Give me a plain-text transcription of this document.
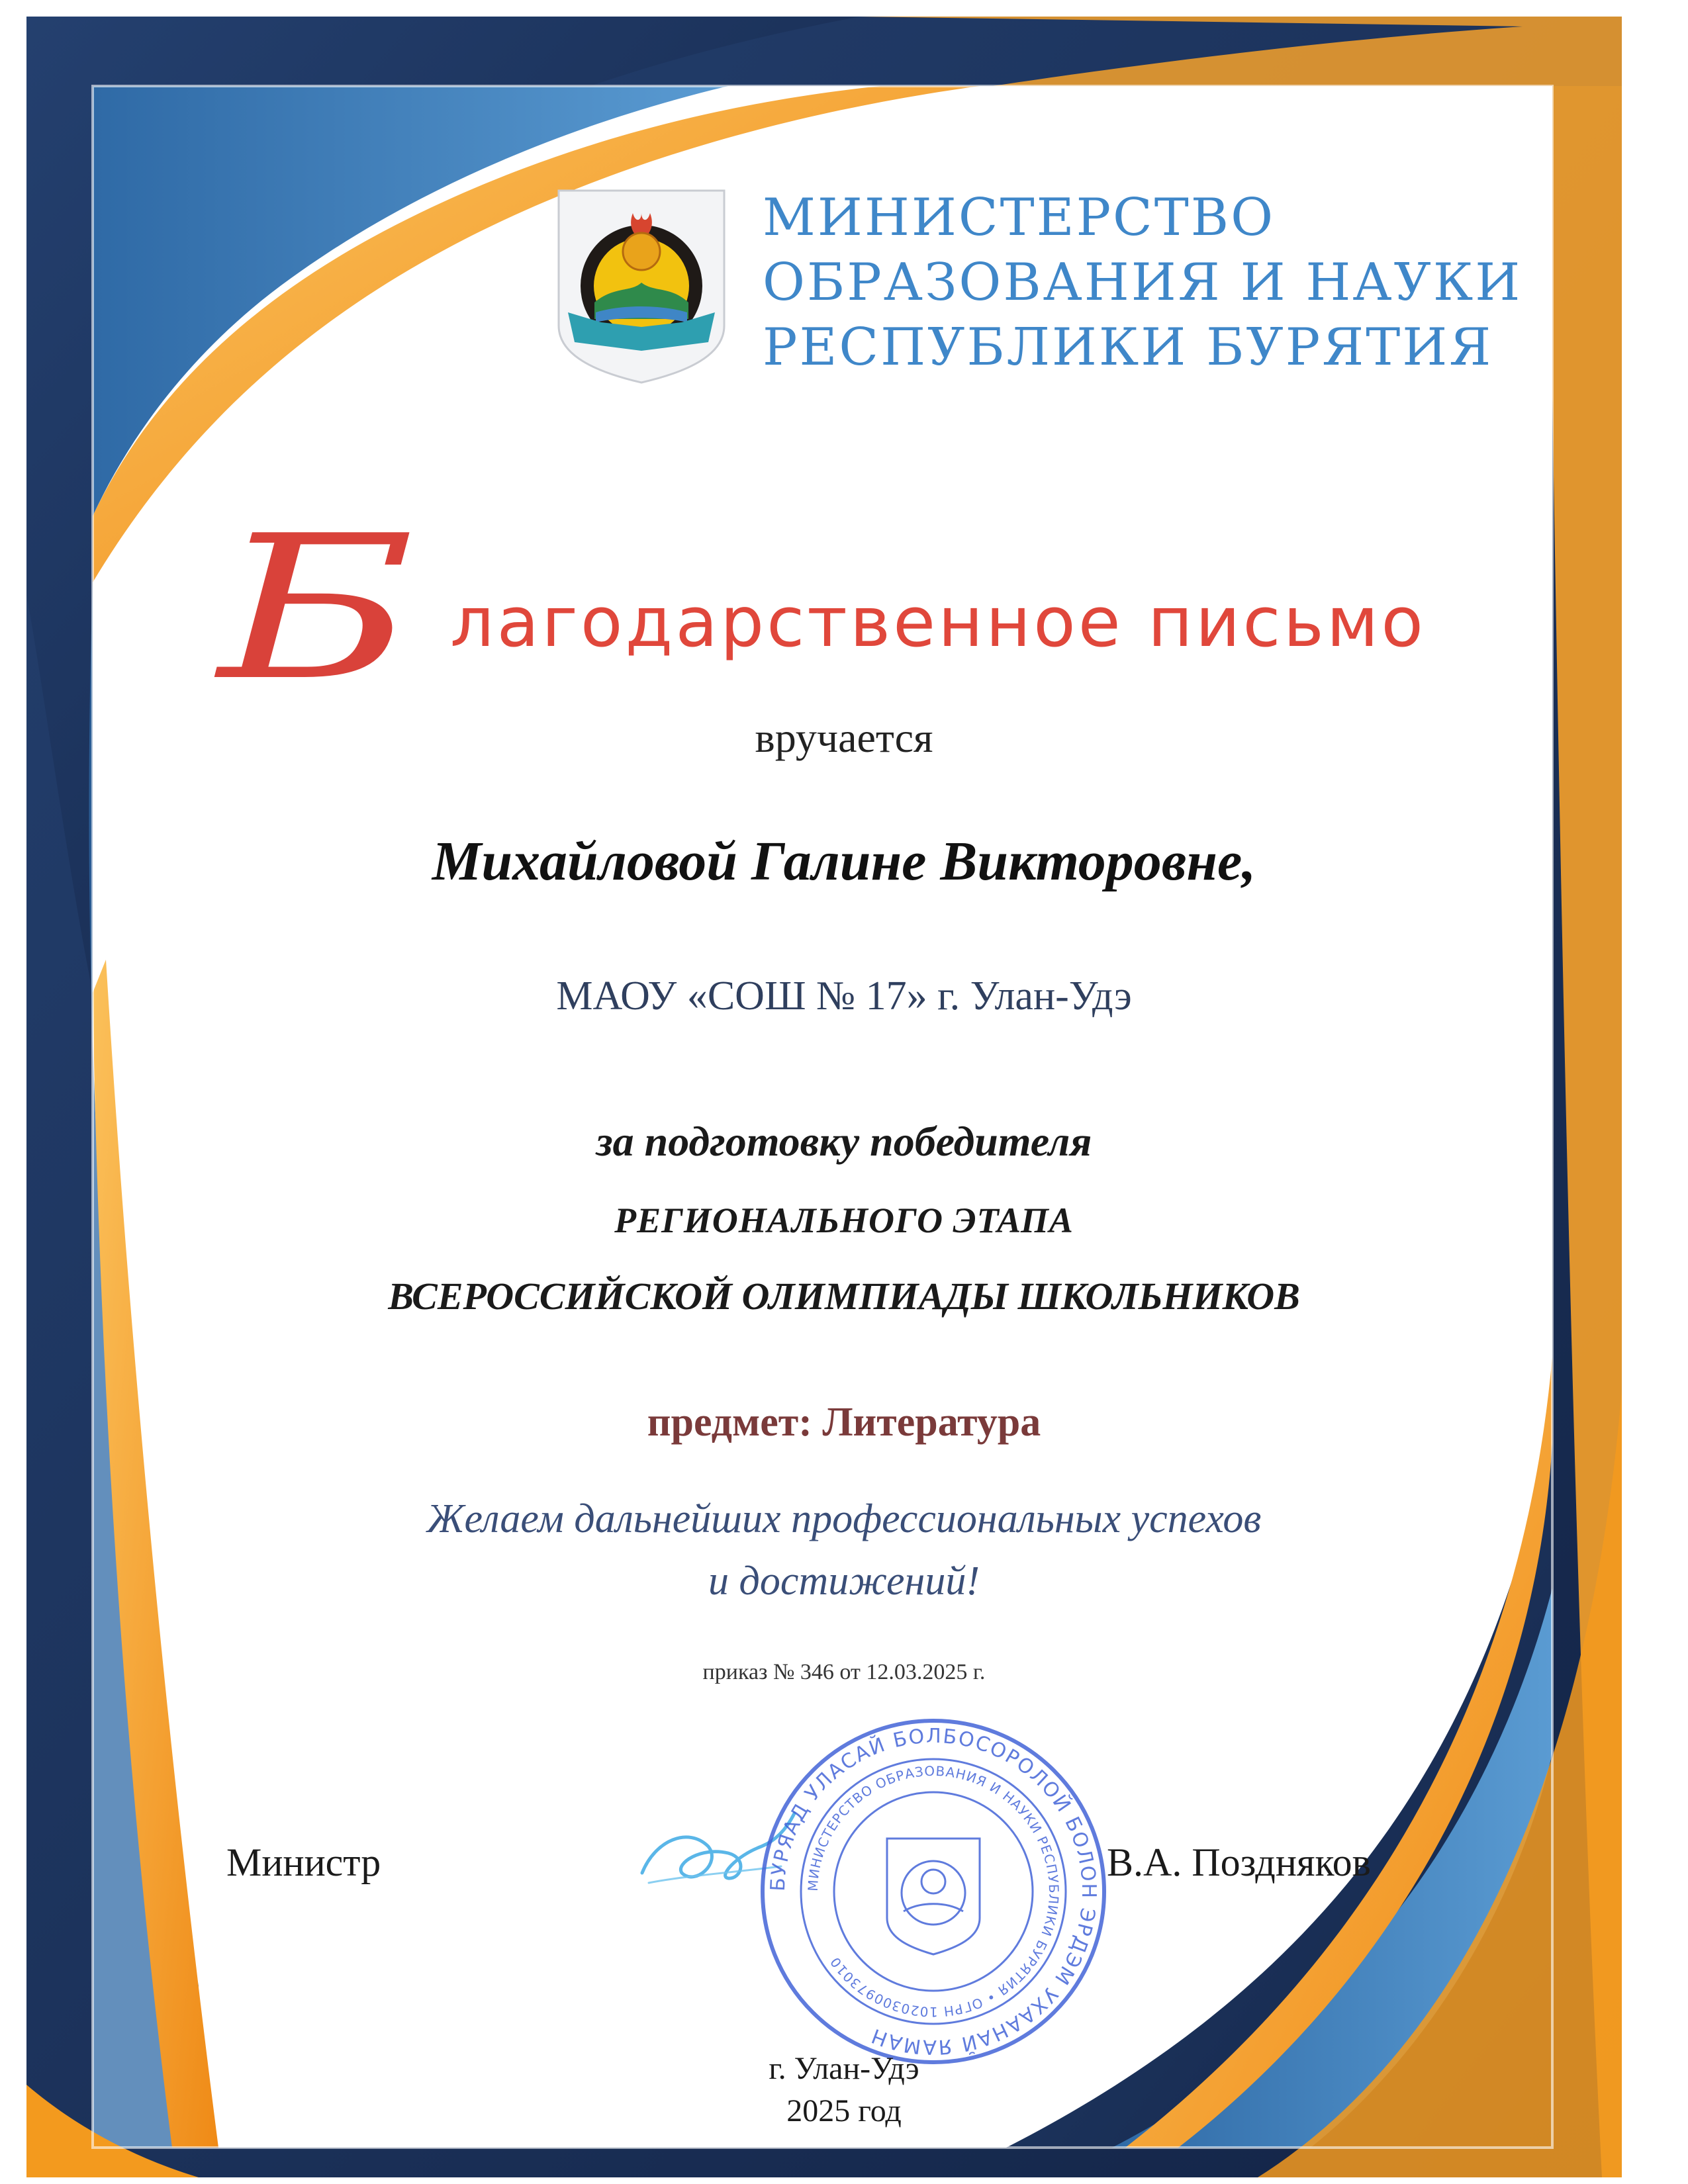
МИНИСТЕРСТВО
ОБРАЗОВАНИЯ И НАУКИ
РЕСПУБЛИКИ БУРЯТИЯ
Б лагодарственное письмо
вручается
Михайловой Галине Викторовне,
МАОУ «СОШ № 17» г. Улан-Удэ
за подготовку победителя
РЕГИОНАЛЬНОГО ЭТАПА
ВСЕРОССИЙСКОЙ ОЛИМПИАДЫ ШКОЛЬНИКОВ
предмет: Литература
Желаем дальнейших профессиональных успехов
и достижений!
приказ № 346 от 12.03.2025 г.
Министр	В.А. Поздняков
БУРЯАД УЛАСАЙ БОЛБОСОРОЛОЙ БОЛОН ЭРДЭМ УХААНАЙ ЯАМАН
МИНИСТЕРСТВО ОБРАЗОВАНИЯ И НАУКИ РЕСПУБЛИКИ БУРЯТИЯ • ОГРН 1020300973010
г. Улан-Удэ
2025 год
